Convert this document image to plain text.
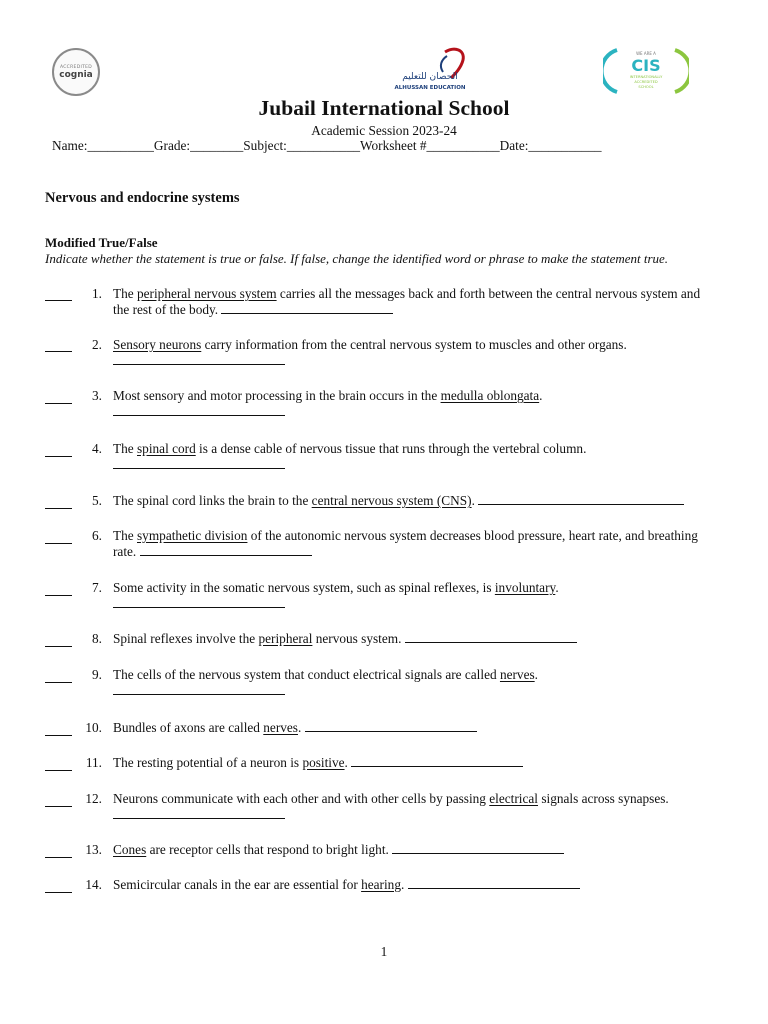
ACCREDITED
cognia	الحصان للتعليم
ALHUSSAN EDUCATION
WE ARE A
CIS
INTERNATIONALLY
ACCREDITED
SCHOOL
Jubail International School
Academic Session 2023-24
Name:__________Grade:________Subject:___________Worksheet #___________Date:___________
Nervous and endocrine systems
Modified True/False
Indicate whether the statement is true or false. If false, change the identified word or phrase to make the statement true.
1. The peripheral nervous system carries all the messages back and forth between the central nervous system and the rest of the body.
2. Sensory neurons carry information from the central nervous system to muscles and other organs.

3. Most sensory and motor processing in the brain occurs in the medulla oblongata.

4. The spinal cord is a dense cable of nervous tissue that runs through the vertebral column.

5. The spinal cord links the brain to the central nervous system (CNS).
6. The sympathetic division of the autonomic nervous system decreases blood pressure, heart rate, and breathing rate.
7. Some activity in the somatic nervous system, such as spinal reflexes, is involuntary.

8. Spinal reflexes involve the peripheral nervous system.
9. The cells of the nervous system that conduct electrical signals are called nerves.

10. Bundles of axons are called nerves.
11. The resting potential of a neuron is positive.
12. Neurons communicate with each other and with other cells by passing electrical signals across synapses.

13. Cones are receptor cells that respond to bright light.
14. Semicircular canals in the ear are essential for hearing.
1
